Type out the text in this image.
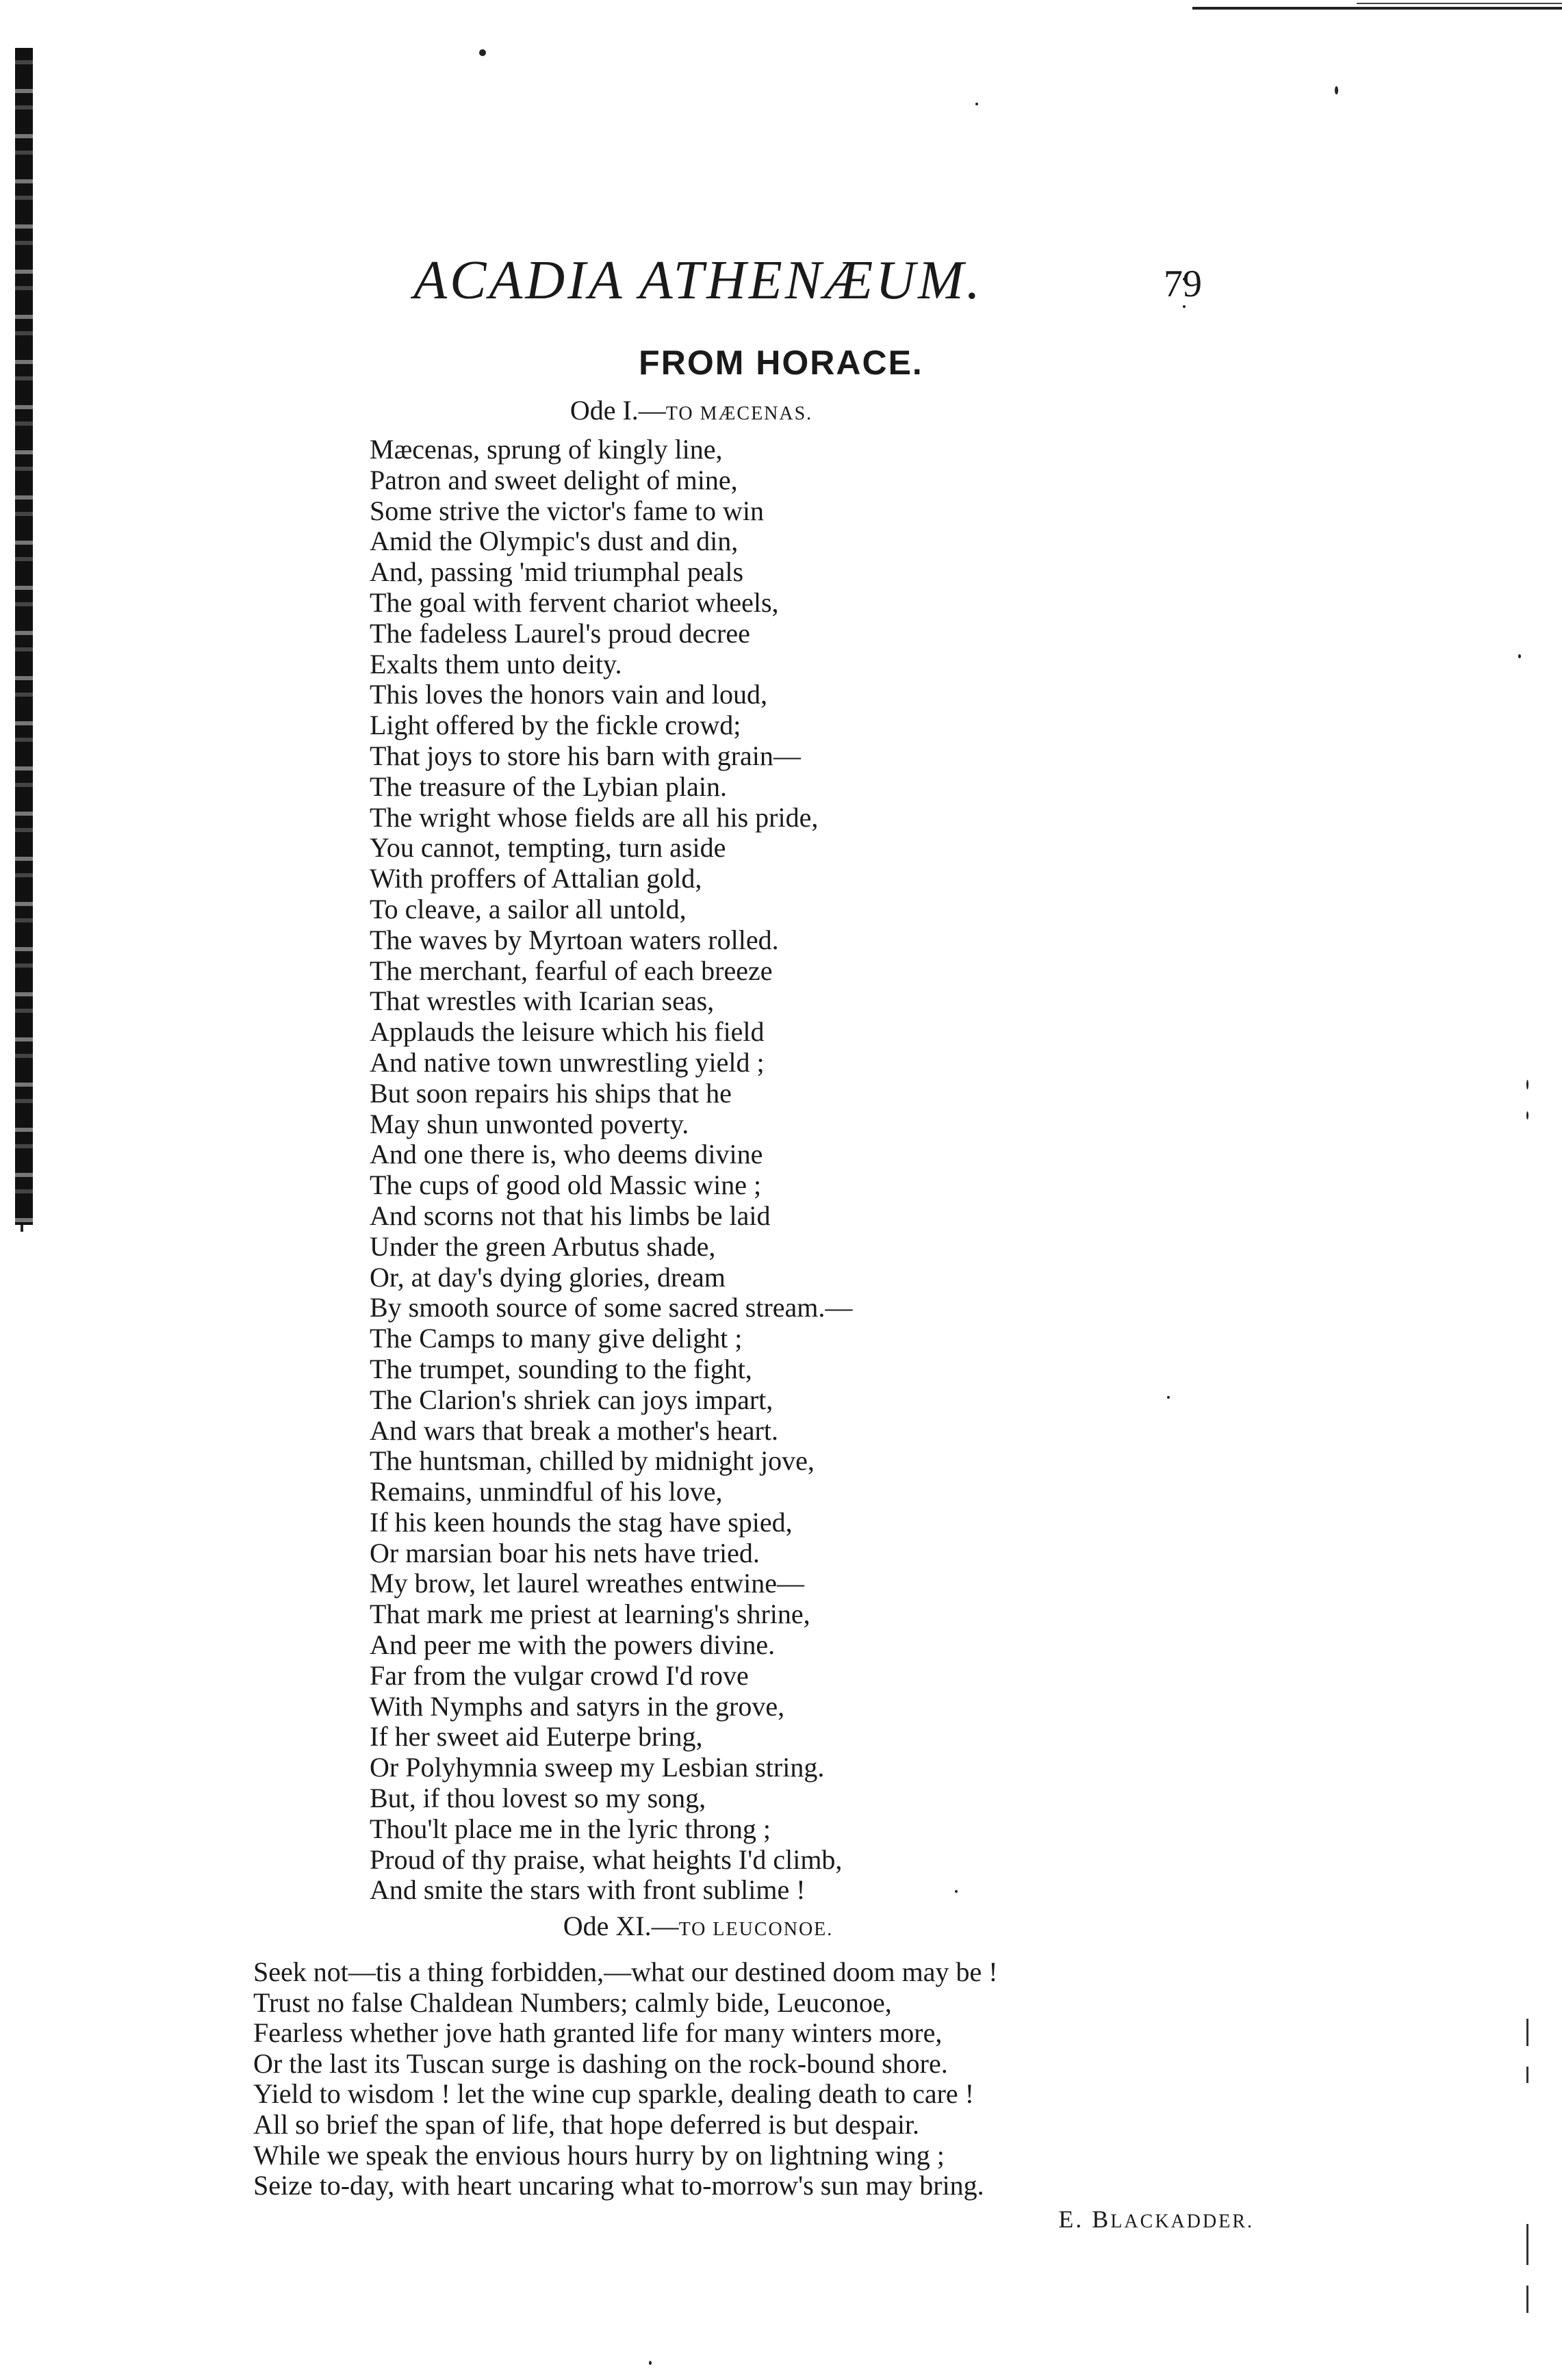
ACADIA ATHENÆUM.	79
FROM HORACE.
Ode I.—TO MÆCENAS.
Mæcenas, sprung of kingly line,
Patron and sweet delight of mine,
Some strive the victor's fame to win
Amid the Olympic's dust and din,
And, passing 'mid triumphal peals
The goal with fervent chariot wheels,
The fadeless Laurel's proud decree
Exalts them unto deity.
This loves the honors vain and loud,
Light offered by the fickle crowd;
That joys to store his barn with grain—
The treasure of the Lybian plain.
The wright whose fields are all his pride,
You cannot, tempting, turn aside
With proffers of Attalian gold,
To cleave, a sailor all untold,
The waves by Myrtoan waters rolled.
The merchant, fearful of each breeze
That wrestles with Icarian seas,
Applauds the leisure which his field
And native town unwrestling yield ;
But soon repairs his ships that he
May shun unwonted poverty.
And one there is, who deems divine
The cups of good old Massic wine ;
And scorns not that his limbs be laid
Under the green Arbutus shade,
Or, at day's dying glories, dream
By smooth source of some sacred stream.—
The Camps to many give delight ;
The trumpet, sounding to the fight,
The Clarion's shriek can joys impart,
And wars that break a mother's heart.
The huntsman, chilled by midnight jove,
Remains, unmindful of his love,
If his keen hounds the stag have spied,
Or marsian boar his nets have tried.
My brow, let laurel wreathes entwine—
That mark me priest at learning's shrine,
And peer me with the powers divine.
Far from the vulgar crowd I'd rove
With Nymphs and satyrs in the grove,
If her sweet aid Euterpe bring,
Or Polyhymnia sweep my Lesbian string.
But, if thou lovest so my song,
Thou'lt place me in the lyric throng ;
Proud of thy praise, what heights I'd climb,
And smite the stars with front sublime !
Ode XI.—TO LEUCONOE.
Seek not—tis a thing forbidden,—what our destined doom may be !
Trust no false Chaldean Numbers; calmly bide, Leuconoe,
Fearless whether jove hath granted life for many winters more,
Or the last its Tuscan surge is dashing on the rock-bound shore.
Yield to wisdom ! let the wine cup sparkle, dealing death to care !
All so brief the span of life, that hope deferred is but despair.
While we speak the envious hours hurry by on lightning wing ;
Seize to-day, with heart uncaring what to-morrow's sun may bring.
E. BLACKADDER.
